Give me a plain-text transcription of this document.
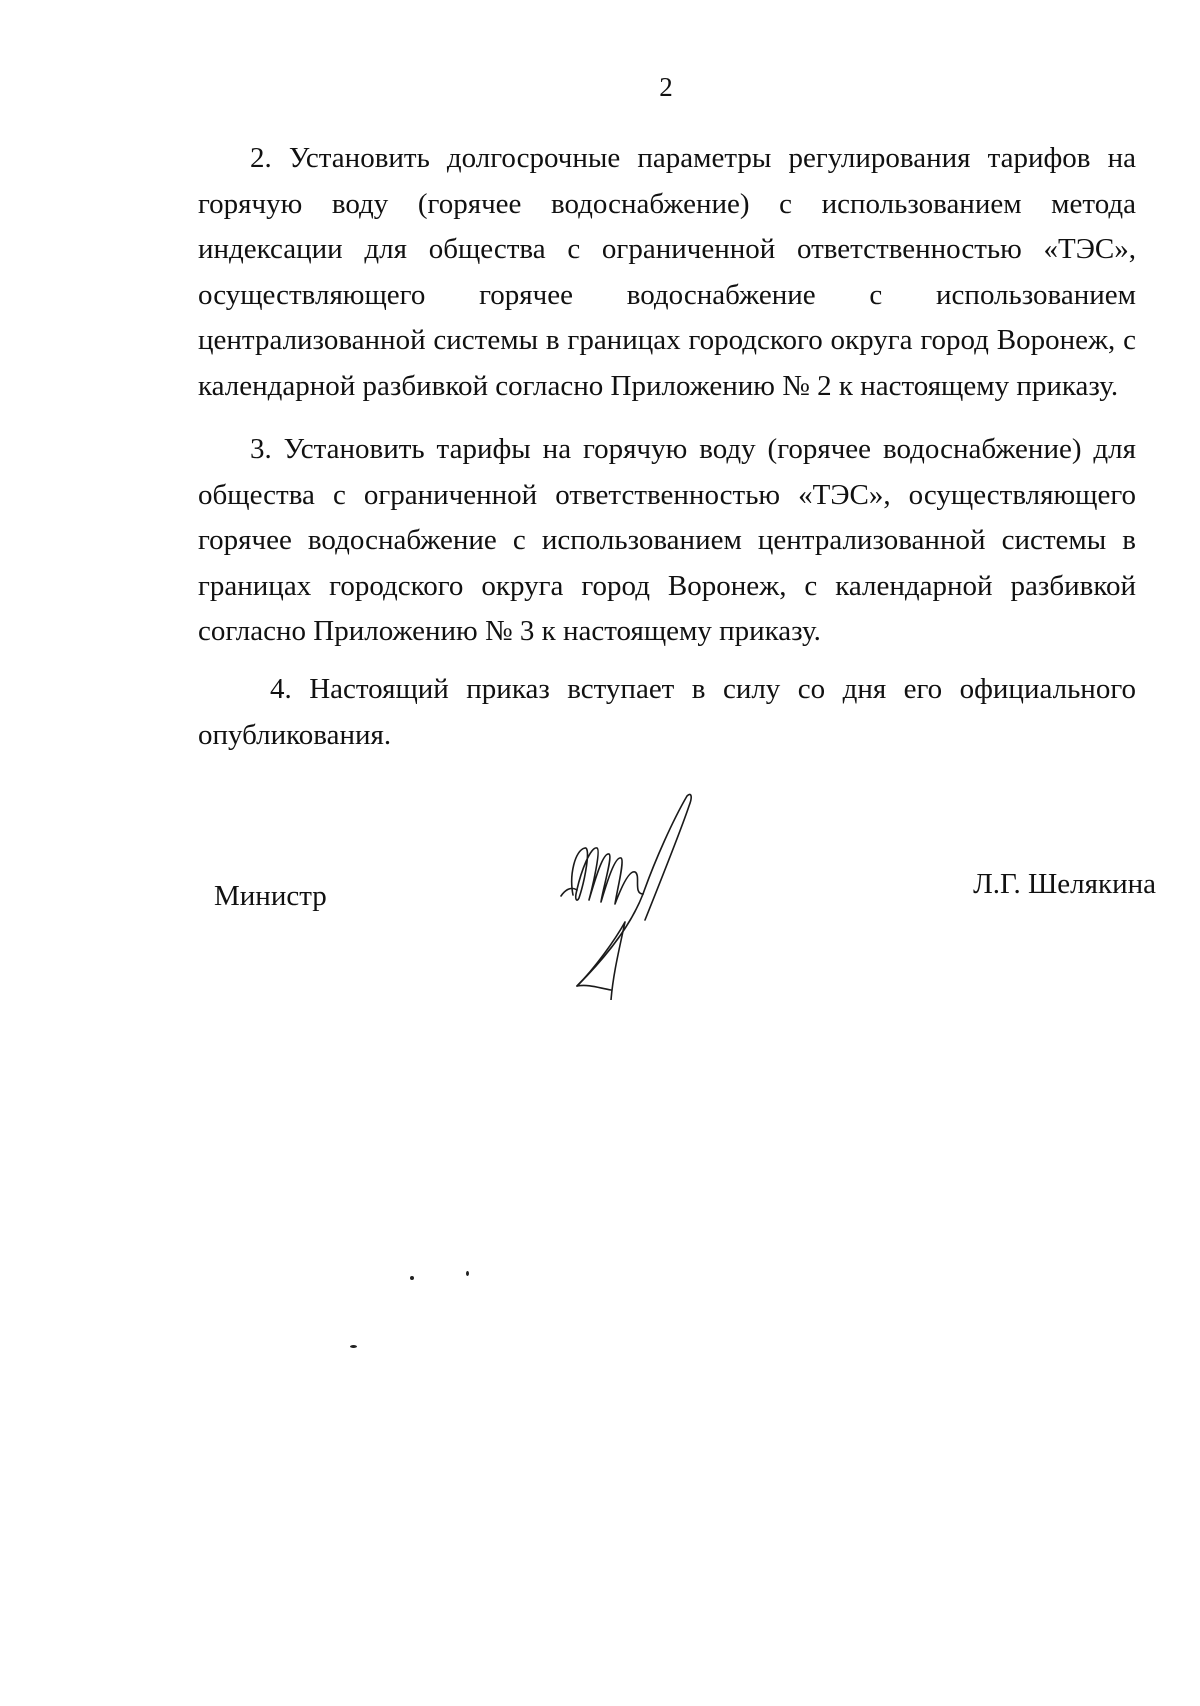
2
2. Установить долгосрочные параметры регулирования тарифов на горячую воду (горячее водоснабжение) с использованием метода индексации для общества с ограниченной ответственностью «ТЭС», осуществляющего горячее водоснабжение с использованием централизованной системы в границах городского округа город Воронеж, с календарной разбивкой согласно Приложению № 2 к настоящему приказу.
3. Установить тарифы на горячую воду (горячее водоснабжение) для общества с ограниченной ответственностью «ТЭС», осуществляющего горячее водоснабжение с использованием централизованной системы в границах городского округа город Воронеж, с календарной разбивкой согласно Приложению № 3 к настоящему приказу.
4. Настоящий приказ вступает в силу со дня его официального опубликования.
Министр	Л.Г. Шелякина
